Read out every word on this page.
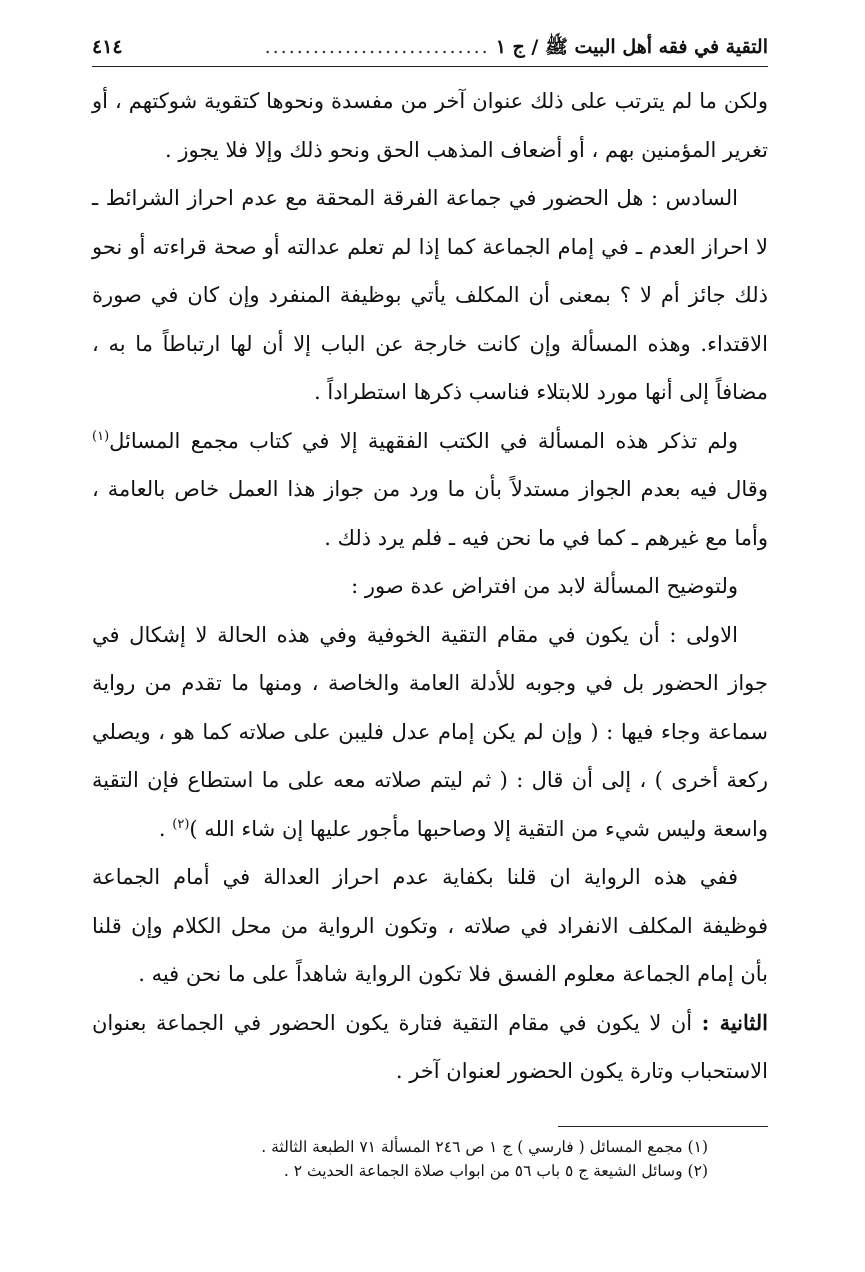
التقية في فقه أهل البيت ﷺ / ج ١
............................
٤١٤

ولكن ما لم يترتب على ذلك عنوان آخر من مفسدة ونحوها كتقوية شوكتهم ، أو تغرير المؤمنين بهم ، أو أضعاف المذهب الحق ونحو ذلك وإلا فلا يجوز .

السادس : هل الحضور في جماعة الفرقة المحقة مع عدم احراز الشرائط ـ لا احراز العدم ـ في إمام الجماعة كما إذا لم تعلم عدالته أو صحة قراءته أو نحو ذلك جائز أم لا ؟ بمعنى أن المكلف يأتي بوظيفة المنفرد وإن كان في صورة الاقتداء. وهذه المسألة وإن كانت خارجة عن الباب إلا أن لها ارتباطاً ما به ، مضافاً إلى أنها مورد للابتلاء فناسب ذكرها استطراداً .

ولم تذكر هذه المسألة في الكتب الفقهية إلا في كتاب مجمع المسائل$^{(١)}$ وقال فيه بعدم الجواز مستدلاً بأن ما ورد من جواز هذا العمل خاص بالعامة ، وأما مع غيرهم ـ كما في ما نحن فيه ـ فلم يرد ذلك .

ولتوضيح المسألة لابد من افتراض عدة صور :

الاولى : أن يكون في مقام التقية الخوفية وفي هذه الحالة لا إشكال في جواز الحضور بل في وجوبه للأدلة العامة والخاصة ، ومنها ما تقدم من رواية سماعة وجاء فيها : ( وإن لم يكن إمام عدل فليبن على صلاته كما هو ، ويصلي ركعة أخرى ) ، إلى أن قال : ( ثم ليتم صلاته معه على ما استطاع فإن التقية واسعة وليس شيء من التقية إلا وصاحبها مأجور عليها إن شاء الله )$^{(٢)}$ .

ففي هذه الرواية ان قلنا بكفاية عدم احراز العدالة في أمام الجماعة فوظيفة المكلف الانفراد في صلاته ، وتكون الرواية من محل الكلام وإن قلنا بأن إمام الجماعة معلوم الفسق فلا تكون الرواية شاهداً على ما نحن فيه .

الثانية : أن لا يكون في مقام التقية فتارة يكون الحضور في الجماعة بعنوان الاستحباب وتارة يكون الحضور لعنوان آخر .

(١) مجمع المسائل ( فارسي ) ج ١ ص ٢٤٦ المسألة ٧١ الطبعة الثالثة .
(٢) وسائل الشيعة ج ٥ باب ٥٦ من ابواب صلاة الجماعة الحديث ٢ .
